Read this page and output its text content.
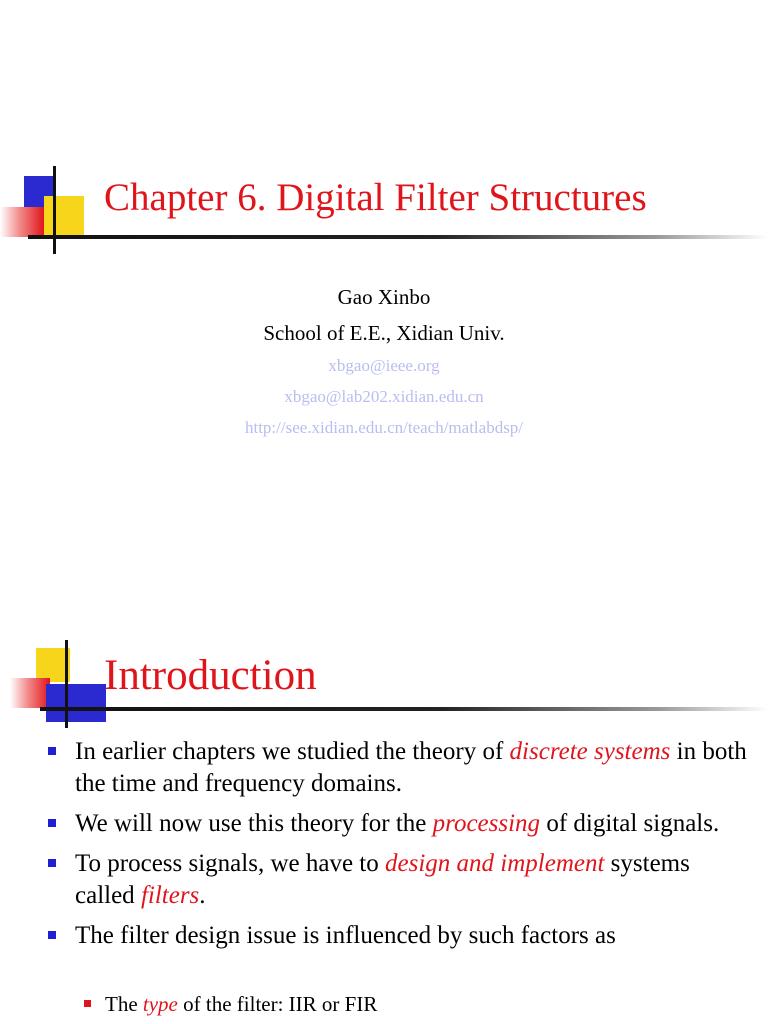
Chapter 6. Digital Filter Structures
Gao Xinbo
School of E.E., Xidian Univ.
xbgao@ieee.org
xbgao@lab202.xidian.edu.cn
http://see.xidian.edu.cn/teach/matlabdsp/
Introduction
In earlier chapters we studied the theory of discrete systems in both the time and frequency domains.
We will now use this theory for the processing of digital signals.
To process signals, we have to design and implement systems called filters.
The filter design issue is influenced by such factors as
The type of the filter: IIR or FIR
